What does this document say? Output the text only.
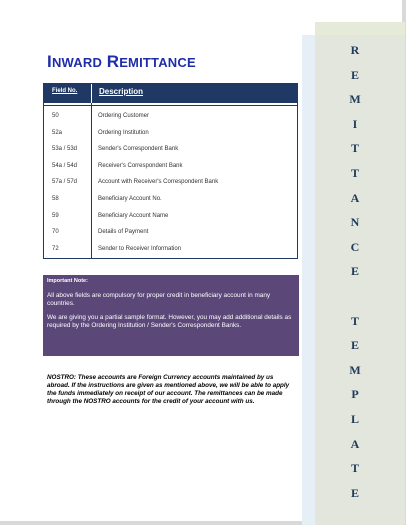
INWARD REMITTANCE
Field No.	Description
50	Ordering Customer
52a	Ordering Institution
53a / 53d	Sender's Correspondent Bank
54a / 54d	Receiver's Correspondent Bank
57a / 57d	Account with Receiver's Correspondent Bank
58	Beneficiary Account No.
59	Beneficiary Account Name
70	Details of Payment
72	Sender to Receiver Information
Important Note:

All above fields are compulsory for proper credit in beneficiary account in many countries.

We are giving you a partial sample format. However, you may add additional details as required by the Ordering Institution / Sender's Correspondent Banks.

NOSTRO: These accounts are Foreign Currency accounts maintained by us abroad. If the instructions are given as mentioned above, we will be able to apply the funds immediately on receipt of our account. The remittances can be made through the NOSTRO accounts for the credit of your account with us.
R
E
M
I
T
T
A
N
C
E
T
E
M
P
L
A
T
E
